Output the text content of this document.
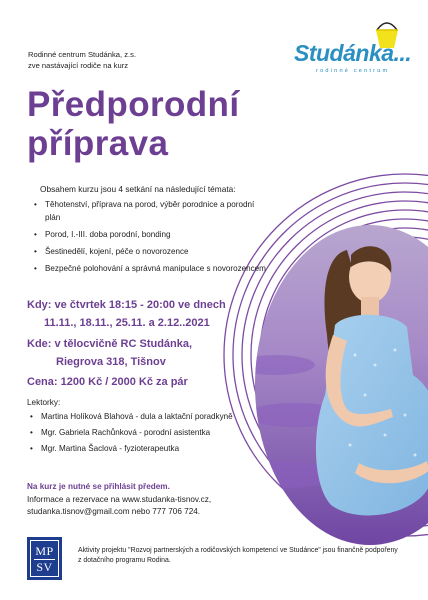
Rodinné centrum Studánka, z.s.
zve nastávající rodiče na kurz	Studánka...
rodinné centrum
Předporodní
příprava
Obsahem kurzu jsou 4 setkání na následující témata:
• Těhotenství, příprava na porod, výběr porodnice a porodní plán
• Porod, I.-III. doba porodní, bonding
• Šestinedělí, kojení, péče o novorozence
• Bezpečné polohování a správná manipulace s novorozencem
Kdy: ve čtvrtek 18:15 - 20:00 ve dnech
11.11., 18.11., 25.11. a 2.12..2021
Kde: v tělocvičně RC Studánka,
Riegrova 318, Tišnov
Cena: 1200 Kč / 2000 Kč za pár
Lektorky:
• Martina Holíková Blahová - dula a laktační poradkyně
• Mgr. Gabriela Rachůnková - porodní asistentka
• Mgr. Martina Šaclová - fyzioterapeutka
Na kurz je nutné se přihlásit předem.
Informace a rezervace na www.studanka-tisnov.cz,
studanka.tisnov@gmail.com nebo 777 706 724.
MP
SV
Aktivity projektu "Rozvoj partnerských a rodičovských kompetencí ve Studánce" jsou finančně podpořeny z dotačního programu Rodina.
